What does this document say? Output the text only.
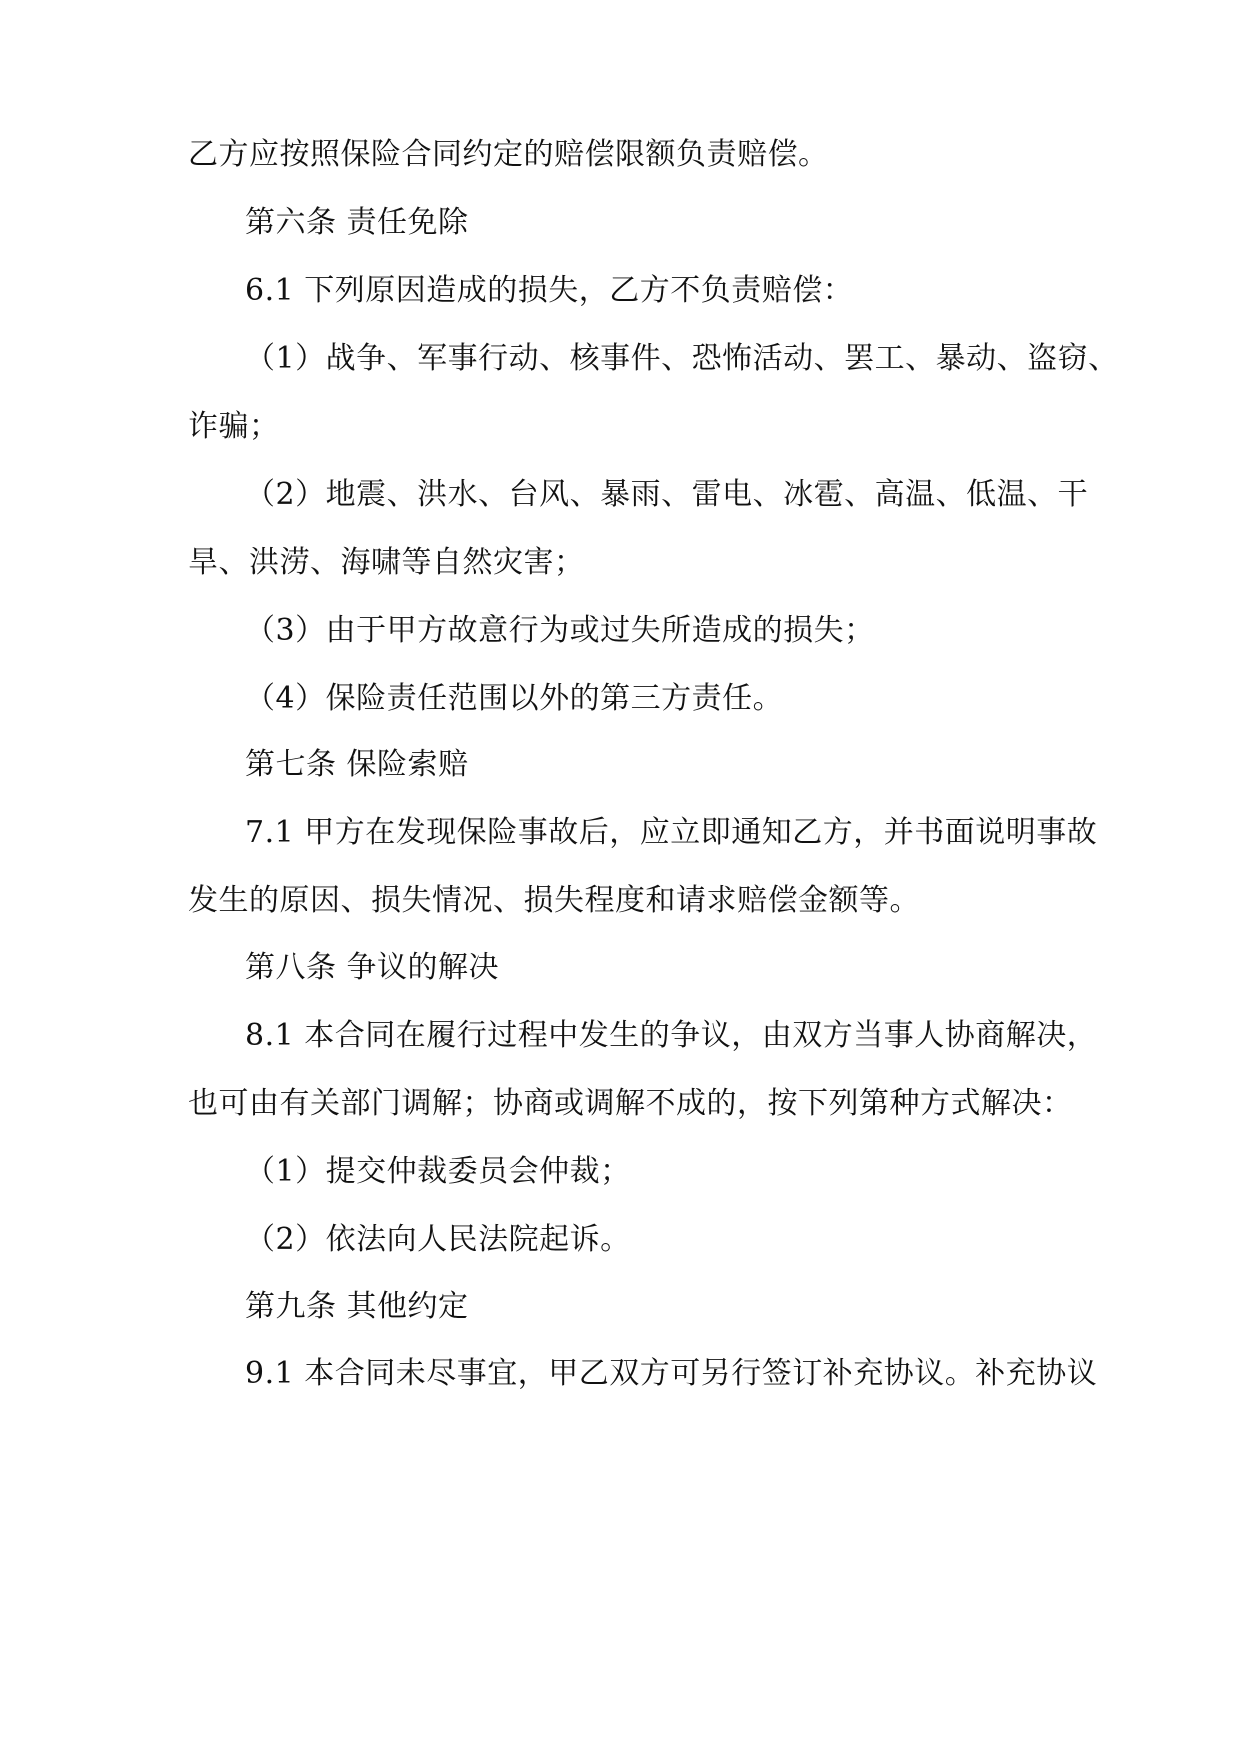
乙方应按照保险合同约定的赔偿限额负责赔偿。
第六条 责任免除
6.1 下列原因造成的损失，乙方不负责赔偿：
（1）战争、军事行动、核事件、恐怖活动、罢工、暴动、盗窃、
诈骗；
（2）地震、洪水、台风、暴雨、雷电、冰雹、高温、低温、干
旱、洪涝、海啸等自然灾害；
（3）由于甲方故意行为或过失所造成的损失；
（4）保险责任范围以外的第三方责任。
第七条 保险索赔
7.1 甲方在发现保险事故后，应立即通知乙方，并书面说明事故
发生的原因、损失情况、损失程度和请求赔偿金额等。
第八条 争议的解决
8.1 本合同在履行过程中发生的争议，由双方当事人协商解决，
也可由有关部门调解；协商或调解不成的，按下列第种方式解决：
（1）提交仲裁委员会仲裁；
（2）依法向人民法院起诉。
第九条 其他约定
9.1 本合同未尽事宜，甲乙双方可另行签订补充协议。补充协议
